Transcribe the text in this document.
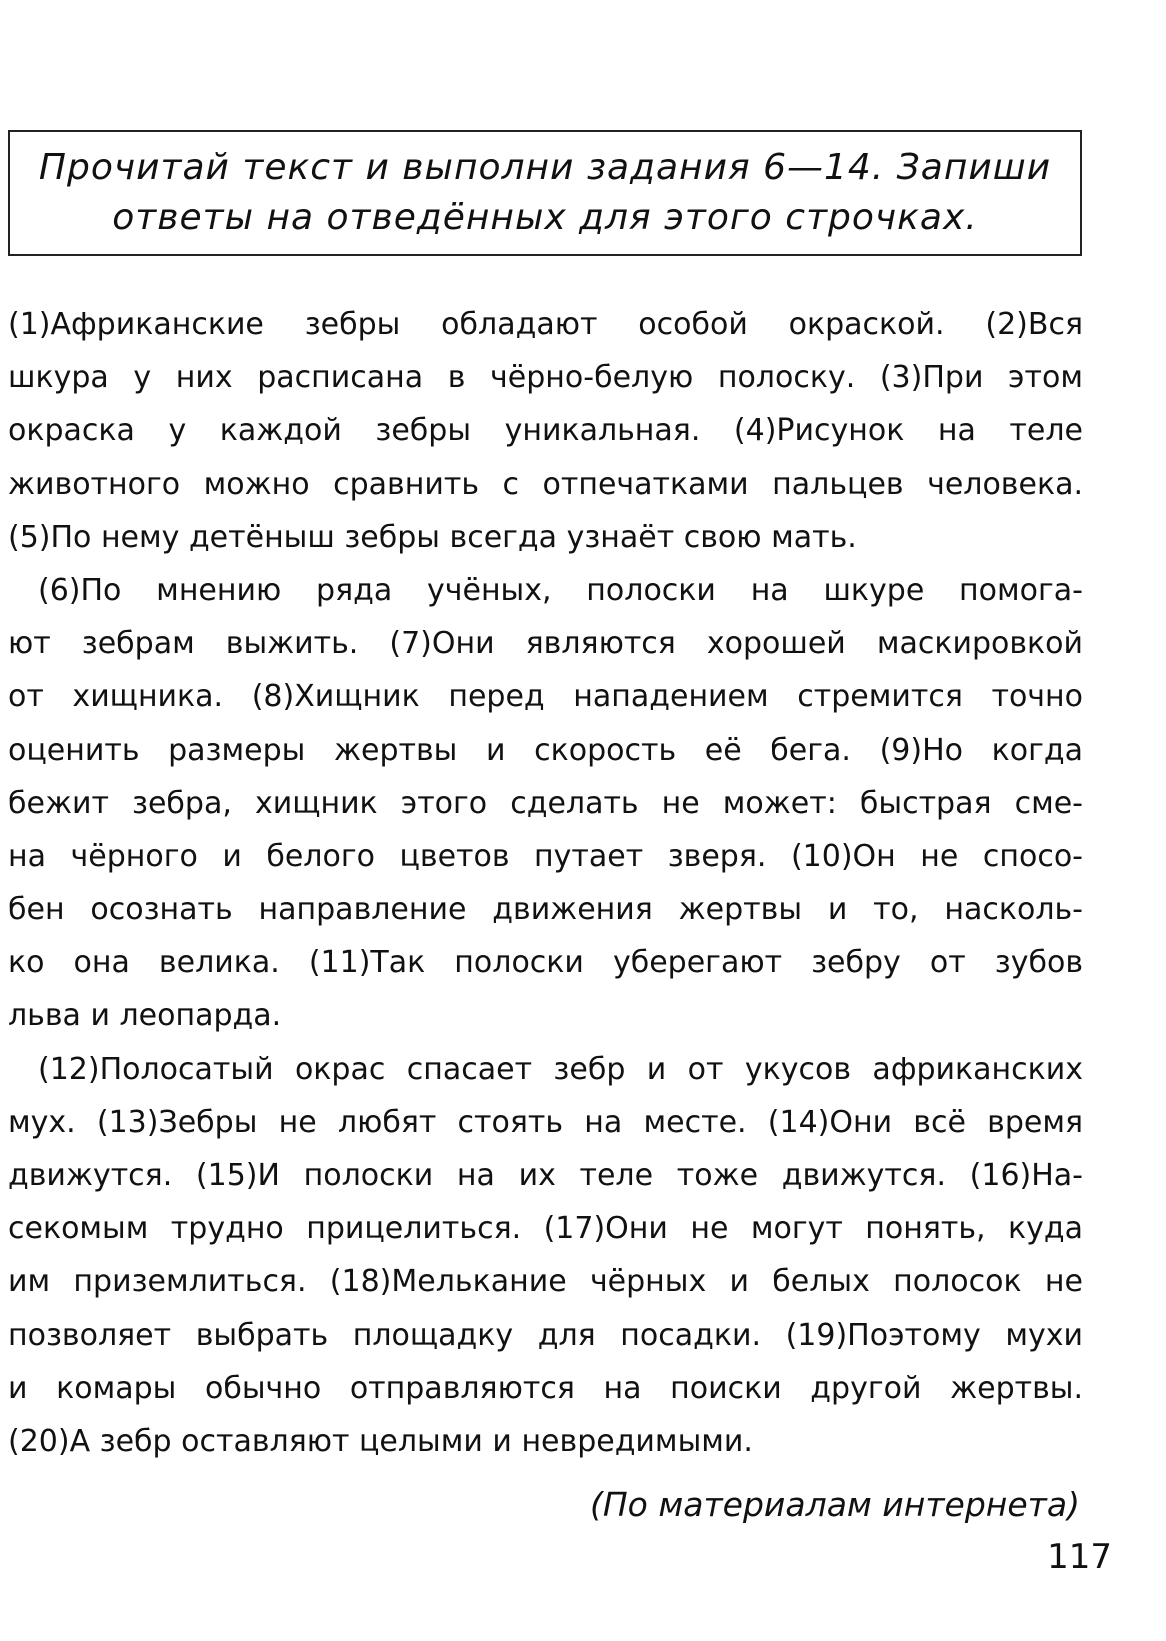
Прочитай текст и выполни задания 6—14. Запиши
ответы на отведённых для этого строчках.
(1)Африканские зебры обладают особой окраской. (2)Вся
шкура у них расписана в чёрно-белую полоску. (3)При этом
окраска у каждой зебры уникальная. (4)Рисунок на теле
животного можно сравнить с отпечатками пальцев человека.
(5)По нему детёныш зебры всегда узнаёт свою мать.
(6)По мнению ряда учёных, полоски на шкуре помога-
ют зебрам выжить. (7)Они являются хорошей маскировкой
от хищника. (8)Хищник перед нападением стремится точно
оценить размеры жертвы и скорость её бега. (9)Но когда
бежит зебра, хищник этого сделать не может: быстрая сме-
на чёрного и белого цветов путает зверя. (10)Он не спосо-
бен осознать направление движения жертвы и то, насколь-
ко она велика. (11)Так полоски уберегают зебру от зубов
льва и леопарда.
(12)Полосатый окрас спасает зебр и от укусов африканских
мух. (13)Зебры не любят стоять на месте. (14)Они всё время
движутся. (15)И полоски на их теле тоже движутся. (16)На-
секомым трудно прицелиться. (17)Они не могут понять, куда
им приземлиться. (18)Мелькание чёрных и белых полосок не
позволяет выбрать площадку для посадки. (19)Поэтому мухи
и комары обычно отправляются на поиски другой жертвы.
(20)А зебр оставляют целыми и невредимыми.
(По материалам интернета)
117
